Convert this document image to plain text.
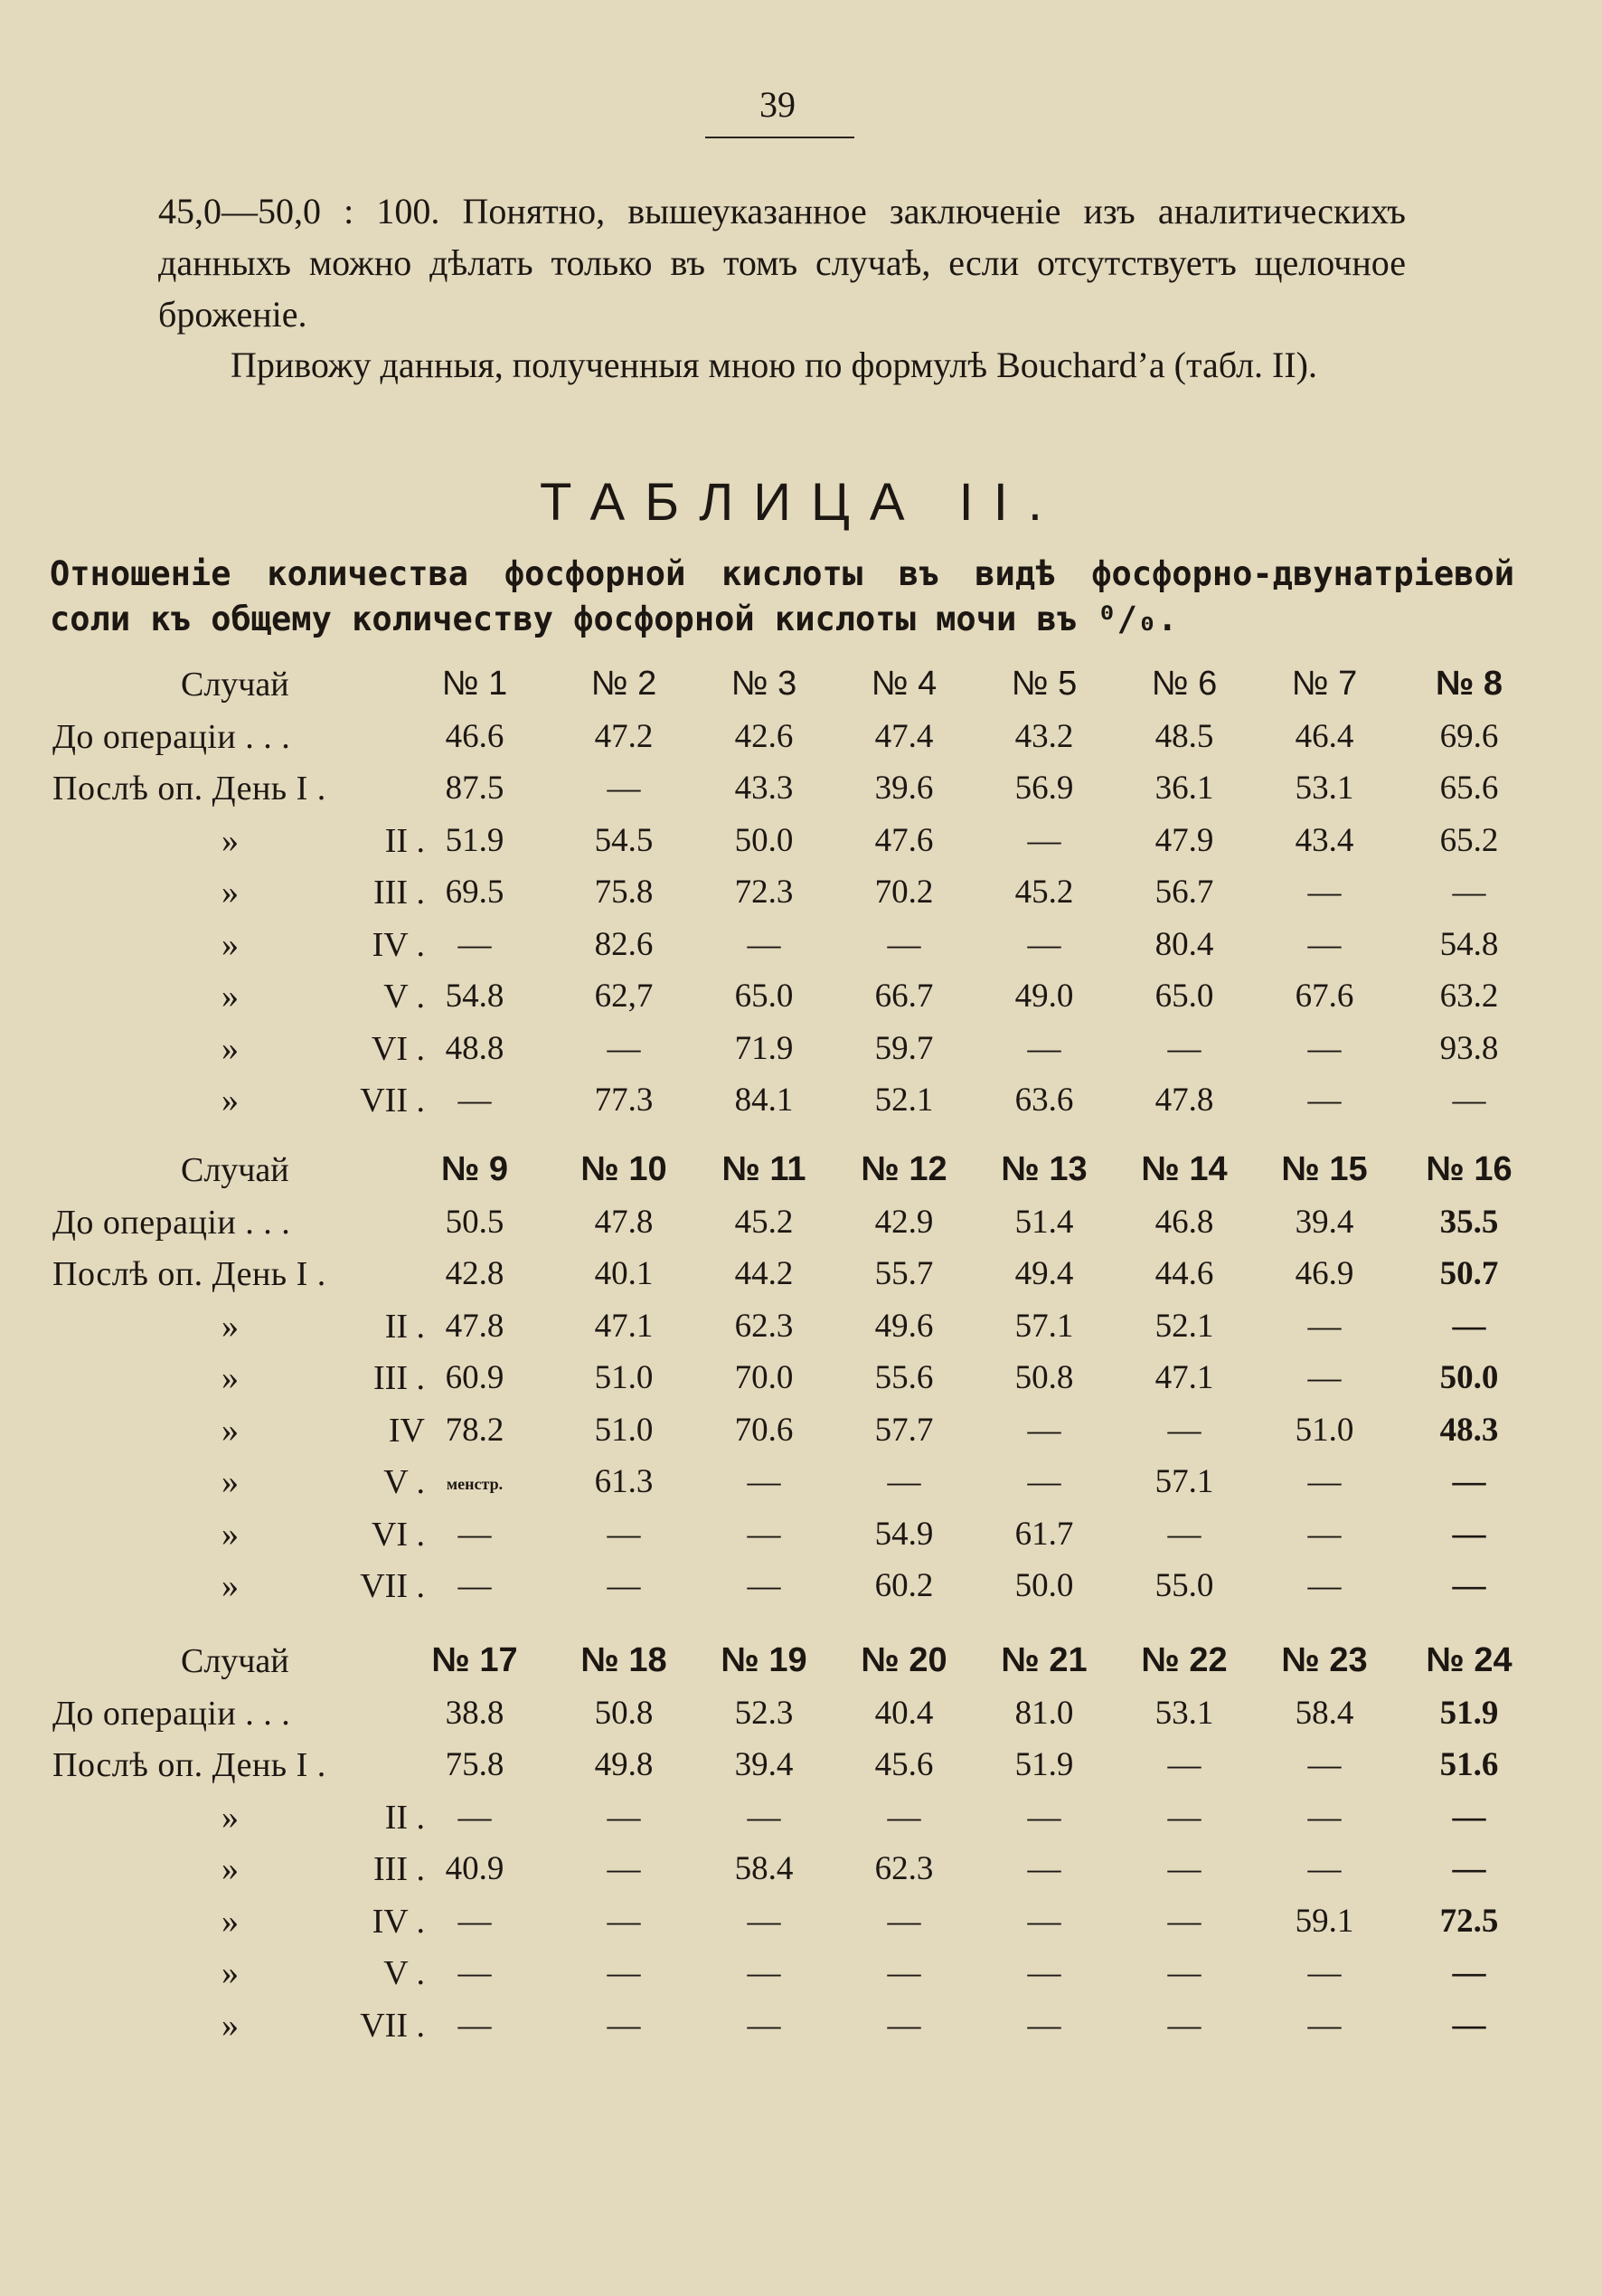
39
45,0—50,0 : 100. Понятно, вышеуказанное заключеніе изъ аналитическихъ данныхъ можно дѣлать только въ томъ случаѣ, если отсутствуетъ щелочное броженіе.
Привожу данныя, полученныя мною по формулѣ Bouchard’a (табл. II).
ТАБЛИЦА II.
Отношеніе количества фосфорной кислоты въ видѣ фосфорно-двунатріевой соли къ общему количеству фосфорной кислоты мочи въ ⁰/₀.
Случай	№ 1	№ 2	№ 3	№ 4	№ 5	№ 6	№ 7	№ 8
До операціи . . .	46.6	47.2	42.6	47.4	43.2	48.5	46.4	69.6
Послѣ оп. День I .	87.5	—	43.3	39.6	56.9	36.1	53.1	65.6
»	II . 51.9	54.5	50.0	47.6	—	47.9	43.4	65.2
»	III . 69.5	75.8	72.3	70.2	45.2	56.7	—	—
»	IV . —	82.6	—	—	—	80.4	—	54.8
»	V . 54.8	62,7	65.0	66.7	49.0	65.0	67.6	63.2
»	VI . 48.8	—	71.9	59.7	—	—	—	93.8
»	VII . —	77.3	84.1	52.1	63.6	47.8	—	—
Случай	№ 9	№ 10	№ 11	№ 12	№ 13	№ 14	№ 15	№ 16
До операціи . . .	50.5	47.8	45.2	42.9	51.4	46.8	39.4	35.5
Послѣ оп. День I .	42.8	40.1	44.2	55.7	49.4	44.6	46.9	50.7
»	II . 47.8	47.1	62.3	49.6	57.1	52.1	—	—
»	III . 60.9	51.0	70.0	55.6	50.8	47.1	—	50.0
»	IV 78.2	51.0	70.6	57.7	—	—	51.0	48.3
»	V .	менстр.	61.3	—	—	—	57.1	—	—
»	VI . —	—	—	54.9	61.7	—	—	—
»	VII . —	—	—	60.2	50.0	55.0	—	—
Случай	№ 17	№ 18	№ 19	№ 20	№ 21	№ 22	№ 23	№ 24
До операціи . . .	38.8	50.8	52.3	40.4	81.0	53.1	58.4	51.9
Послѣ оп. День I .	75.8	49.8	39.4	45.6	51.9	—	—	51.6
»	II . —	—	—	—	—	—	—	—
»	III . 40.9	—	58.4	62.3	—	—	—	—
»	IV . —	—	—	—	—	—	59.1	72.5
»	V . —	—	—	—	—	—	—	—
»	VII . —	—	—	—	—	—	—	—
